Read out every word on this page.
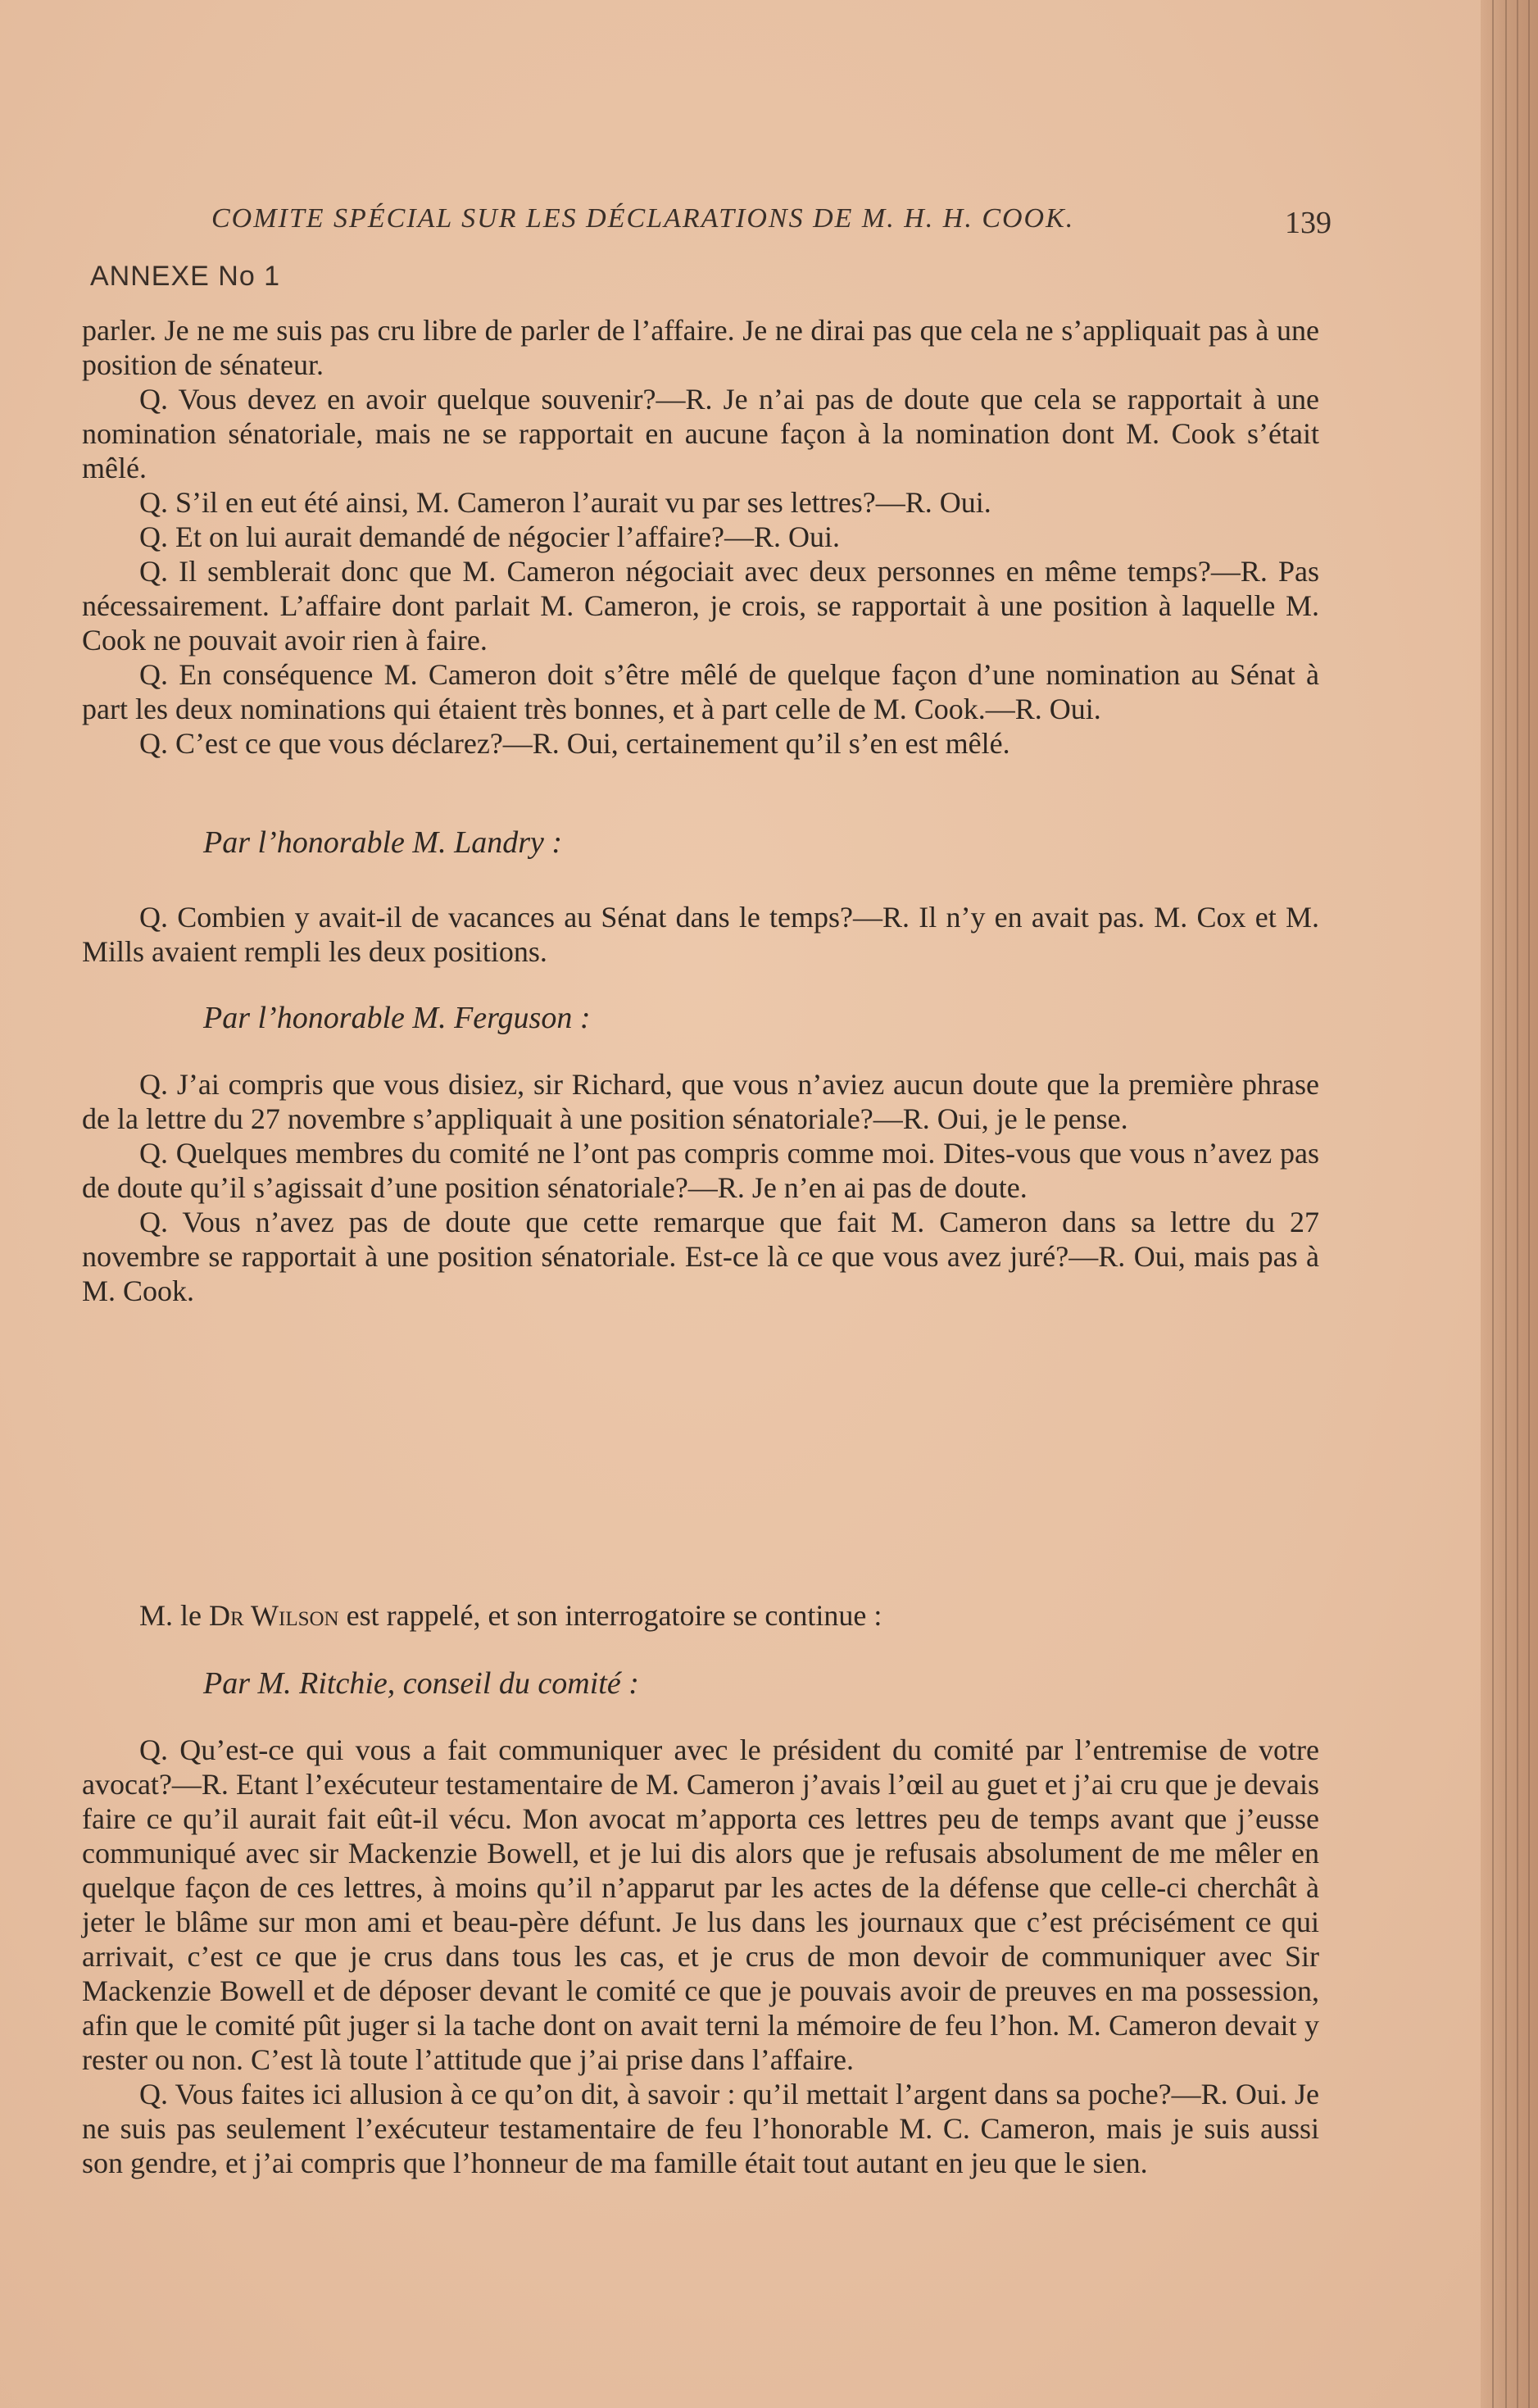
COMITE SPÉCIAL SUR LES DÉCLARATIONS DE M. H. H. COOK.	139
ANNEXE No 1

parler. Je ne me suis pas cru libre de parler de l’affaire. Je ne dirai pas que cela ne s’appliquait pas à une position de sénateur.

Q. Vous devez en avoir quelque souvenir?—R. Je n’ai pas de doute que cela se rapportait à une nomination sénatoriale, mais ne se rapportait en aucune façon à la nomination dont M. Cook s’était mêlé.

Q. S’il en eut été ainsi, M. Cameron l’aurait vu par ses lettres?—R. Oui.

Q. Et on lui aurait demandé de négocier l’affaire?—R. Oui.

Q. Il semblerait donc que M. Cameron négociait avec deux personnes en même temps?—R. Pas nécessairement. L’affaire dont parlait M. Cameron, je crois, se rapportait à une position à laquelle M. Cook ne pouvait avoir rien à faire.

Q. En conséquence M. Cameron doit s’être mêlé de quelque façon d’une nomination au Sénat à part les deux nominations qui étaient très bonnes, et à part celle de M. Cook.—R. Oui.

Q. C’est ce que vous déclarez?—R. Oui, certainement qu’il s’en est mêlé.

Par l’honorable M. Landry :

Q. Combien y avait-il de vacances au Sénat dans le temps?—R. Il n’y en avait pas. M. Cox et M. Mills avaient rempli les deux positions.

Par l’honorable M. Ferguson :

Q. J’ai compris que vous disiez, sir Richard, que vous n’aviez aucun doute que la première phrase de la lettre du 27 novembre s’appliquait à une position sénatoriale?—R. Oui, je le pense.

Q. Quelques membres du comité ne l’ont pas compris comme moi. Dites-vous que vous n’avez pas de doute qu’il s’agissait d’une position sénatoriale?—R. Je n’en ai pas de doute.

Q. Vous n’avez pas de doute que cette remarque que fait M. Cameron dans sa lettre du 27 novembre se rapportait à une position sénatoriale. Est-ce là ce que vous avez juré?—R. Oui, mais pas à M. Cook.

M. le Dr Wilson est rappelé, et son interrogatoire se continue :
Par M. Ritchie, conseil du comité :

Q. Qu’est-ce qui vous a fait communiquer avec le président du comité par l’entremise de votre avocat?—R. Etant l’exécuteur testamentaire de M. Cameron j’avais l’œil au guet et j’ai cru que je devais faire ce qu’il aurait fait eût-il vécu. Mon avocat m’apporta ces lettres peu de temps avant que j’eusse communiqué avec sir Mackenzie Bowell, et je lui dis alors que je refusais absolument de me mêler en quelque façon de ces lettres, à moins qu’il n’apparut par les actes de la défense que celle-ci cherchât à jeter le blâme sur mon ami et beau-père défunt. Je lus dans les journaux que c’est précisément ce qui arrivait, c’est ce que je crus dans tous les cas, et je crus de mon devoir de communiquer avec Sir Mackenzie Bowell et de déposer devant le comité ce que je pouvais avoir de preuves en ma possession, afin que le comité pût juger si la tache dont on avait terni la mémoire de feu l’hon. M. Cameron devait y rester ou non. C’est là toute l’attitude que j’ai prise dans l’affaire.

Q. Vous faites ici allusion à ce qu’on dit, à savoir : qu’il mettait l’argent dans sa poche?—R. Oui. Je ne suis pas seulement l’exécuteur testamentaire de feu l’honorable M. C. Cameron, mais je suis aussi son gendre, et j’ai compris que l’honneur de ma famille était tout autant en jeu que le sien.
